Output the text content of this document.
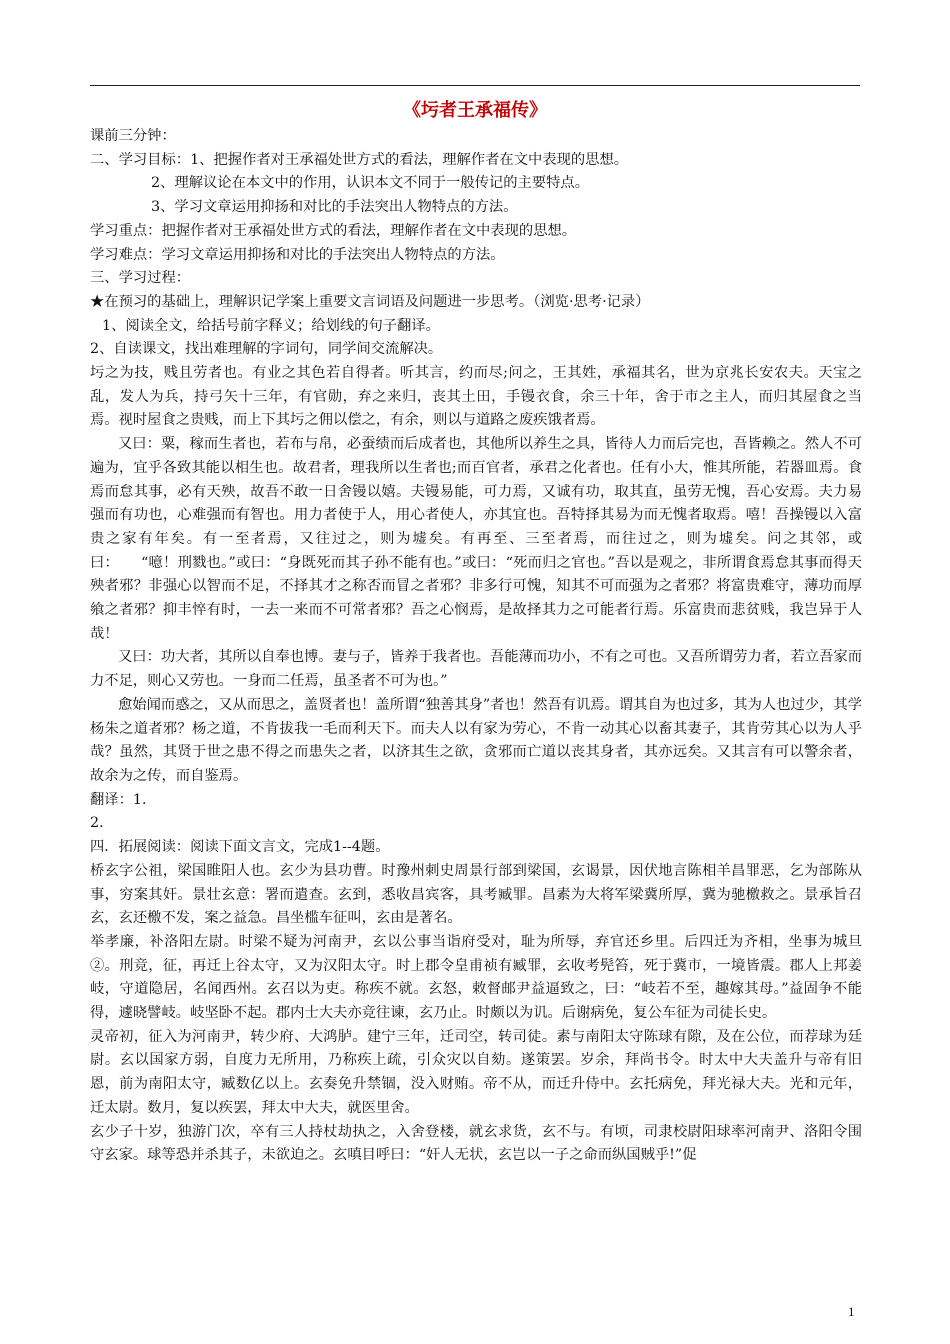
《圬者王承福传》

课前三分钟：

二、学习目标：1、把握作者对王承福处世方式的看法，理解作者在文中表现的思想。

2、理解议论在本文中的作用，认识本文不同于一般传记的主要特点。

3、学习文章运用抑扬和对比的手法突出人物特点的方法。

学习重点：把握作者对王承福处世方式的看法，理解作者在文中表现的思想。

学习难点：学习文章运用抑扬和对比的手法突出人物特点的方法。

三、学习过程：

★在预习的基础上，理解识记学案上重要文言词语及问题进一步思考。（浏览·思考·记录）

1、阅读全文，给括号前字释义；给划线的句子翻译。

2、自读课文，找出难理解的字词句，同学间交流解决。

圬之为技，贱且劳者也。有业之其色若自得者。听其言，约而尽;问之，王其姓，承福其名，世为京兆长安农夫。天宝之乱，发人为兵，持弓矢十三年，有官勋，弃之来归，丧其土田，手镘衣食，余三十年，舍于市之主人，而归其屋食之当焉。视时屋食之贵贱，而上下其圬之佣以偿之，有余，则以与道路之废疾饿者焉。

又曰：粟，稼而生者也，若布与帛，必蚕绩而后成者也，其他所以养生之具，皆待人力而后完也，吾皆赖之。然人不可遍为，宜乎各致其能以相生也。故君者，理我所以生者也;而百官者，承君之化者也。任有小大，惟其所能，若器皿焉。食焉而怠其事，必有天殃，故吾不敢一日舍镘以嬉。夫镘易能，可力焉，又诚有功，取其直，虽劳无愧，吾心安焉。夫力易强而有功也，心难强而有智也。用力者使于人，用心者使人，亦其宜也。吾特择其易为而无愧者取焉。嘻！吾操镘以入富贵之家有年矣。有一至者焉，又往过之，则为墟矣。有再至、三至者焉，而往过之，则为墟矣。问之其邻，或曰：　　“噫！刑戮也。”或曰：“身既死而其子孙不能有也。”或曰：“死而归之官也。”吾以是观之，非所谓食焉怠其事而得天殃者邪？非强心以智而不足，不择其才之称否而冒之者邪？非多行可愧，知其不可而强为之者邪？将富贵难守，薄功而厚飨之者邪？抑丰悴有时，一去一来而不可常者邪？吾之心悯焉，是故择其力之可能者行焉。乐富贵而悲贫贱，我岂异于人哉！

又曰：功大者，其所以自奉也博。妻与子，皆养于我者也。吾能薄而功小，不有之可也。又吾所谓劳力者，若立吾家而力不足，则心又劳也。一身而二任焉，虽圣者不可为也。”

愈始闻而惑之，又从而思之，盖贤者也！盖所谓“独善其身”者也！然吾有讥焉。谓其自为也过多，其为人也过少，其学杨朱之道者邪？杨之道，不肯拔我一毛而利天下。而夫人以有家为劳心，不肯一动其心以畜其妻子，其肯劳其心以为人乎哉？虽然，其贤于世之患不得之而患失之者，以济其生之欲，贪邪而亡道以丧其身者，其亦远矣。又其言有可以警余者，故余为之传，而自鉴焉。

翻译：1.

2.

四．拓展阅读：阅读下面文言文，完成1--4题。

桥玄字公祖，梁国睢阳人也。玄少为县功曹。时豫州刺史周景行部到梁国，玄谒景，因伏地言陈相羊昌罪恶，乞为部陈从事，穷案其奸。景壮玄意：署而遣查。玄到，悉收昌宾客，具考臧罪。昌素为大将军梁冀所厚，冀为驰檄救之。景承旨召玄，玄还檄不发，案之益急。昌坐槛车征叫，玄由是著名。

举孝廉，补洛阳左尉。时梁不疑为河南尹，玄以公事当诣府受对，耻为所辱，弃官还乡里。后四迁为齐相，坐事为城旦②。刑竞，征，再迁上谷太守，又为汉阳太守。时上郡令皇甫祯有臧罪，玄收考髡笞，死于冀市，一境皆震。郡人上邦姜岐，守道隐居，名闻西州。玄召以为吏。称疾不就。玄怒，敕督邮尹益逼致之，曰：“岐若不至，趣嫁其母。”益固争不能得，遽晓譬岐。岐坚卧不起。郡内士大夫亦竞往谏，玄乃止。时颇以为讥。后谢病免，复公车征为司徒长史。

灵帝初，征入为河南尹，转少府、大鸿胪。建宁三年，迁司空，转司徒。素与南阳太守陈球有隙，及在公位，而荐球为廷尉。玄以国家方弱，自度力无所用，乃称疾上疏，引众灾以自劾。遂策罢。岁余，拜尚书令。时太中大夫盖升与帝有旧恩，前为南阳太守，臧数亿以上。玄奏免升禁锢，没入财贿。帝不从，而迁升侍中。玄托病免，拜光禄大夫。光和元年，迁太尉。数月，复以疾罢，拜太中大夫，就医里舍。

玄少子十岁，独游门次，卒有三人持杖劫执之，入舍登楼，就玄求货，玄不与。有顷，司隶校尉阳球率河南尹、洛阳令围守玄家。球等恐并杀其子，未欲迫之。玄嗔目呼曰：“奸人无状，玄岂以一子之命而纵国贼乎!”促

1
